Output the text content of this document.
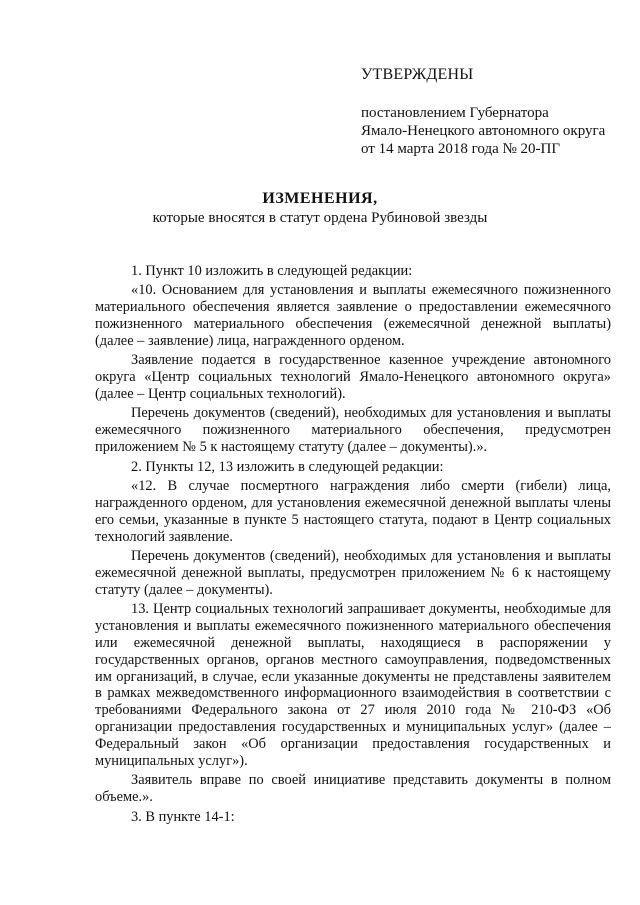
УТВЕРЖДЕНЫ
постановлением Губернатора
Ямало-Ненецкого автономного округа
от 14 марта 2018 года № 20-ПГ
ИЗМЕНЕНИЯ,
которые вносятся в статут ордена Рубиновой звезды

1. Пункт 10 изложить в следующей редакции:

«10. Основанием для установления и выплаты ежемесячного пожизненного материального обеспечения является заявление о предоставлении ежемесячного пожизненного материального обеспечения (ежемесячной денежной выплаты) (далее – заявление) лица, награжденного орденом.

Заявление подается в государственное казенное учреждение автономного округа «Центр социальных технологий Ямало-Ненецкого автономного округа» (далее – Центр социальных технологий).

Перечень документов (сведений), необходимых для установления и выплаты ежемесячного пожизненного материального обеспечения, предусмотрен приложением № 5 к настоящему статуту (далее – документы).».

2. Пункты 12, 13 изложить в следующей редакции:

«12. В случае посмертного награждения либо смерти (гибели) лица, награжденного орденом, для установления ежемесячной денежной выплаты члены его семьи, указанные в пункте 5 настоящего статута, подают в Центр социальных технологий заявление.

Перечень документов (сведений), необходимых для установления и выплаты ежемесячной денежной выплаты, предусмотрен приложением № 6 к настоящему статуту (далее – документы).

13. Центр социальных технологий запрашивает документы, необходимые для установления и выплаты ежемесячного пожизненного материального обеспечения или ежемесячной денежной выплаты, находящиеся в распоряжении у государственных органов, органов местного самоуправления, подведомственных им организаций, в случае, если указанные документы не представлены заявителем в рамках межведомственного информационного взаимодействия в соответствии с требованиями Федерального закона от 27 июля 2010 года № 210-ФЗ «Об организации предоставления государственных и муниципальных услуг» (далее – Федеральный закон «Об организации предоставления государственных и муниципальных услуг»).

Заявитель вправе по своей инициативе представить документы в полном объеме.».

3. В пункте 14-1:
